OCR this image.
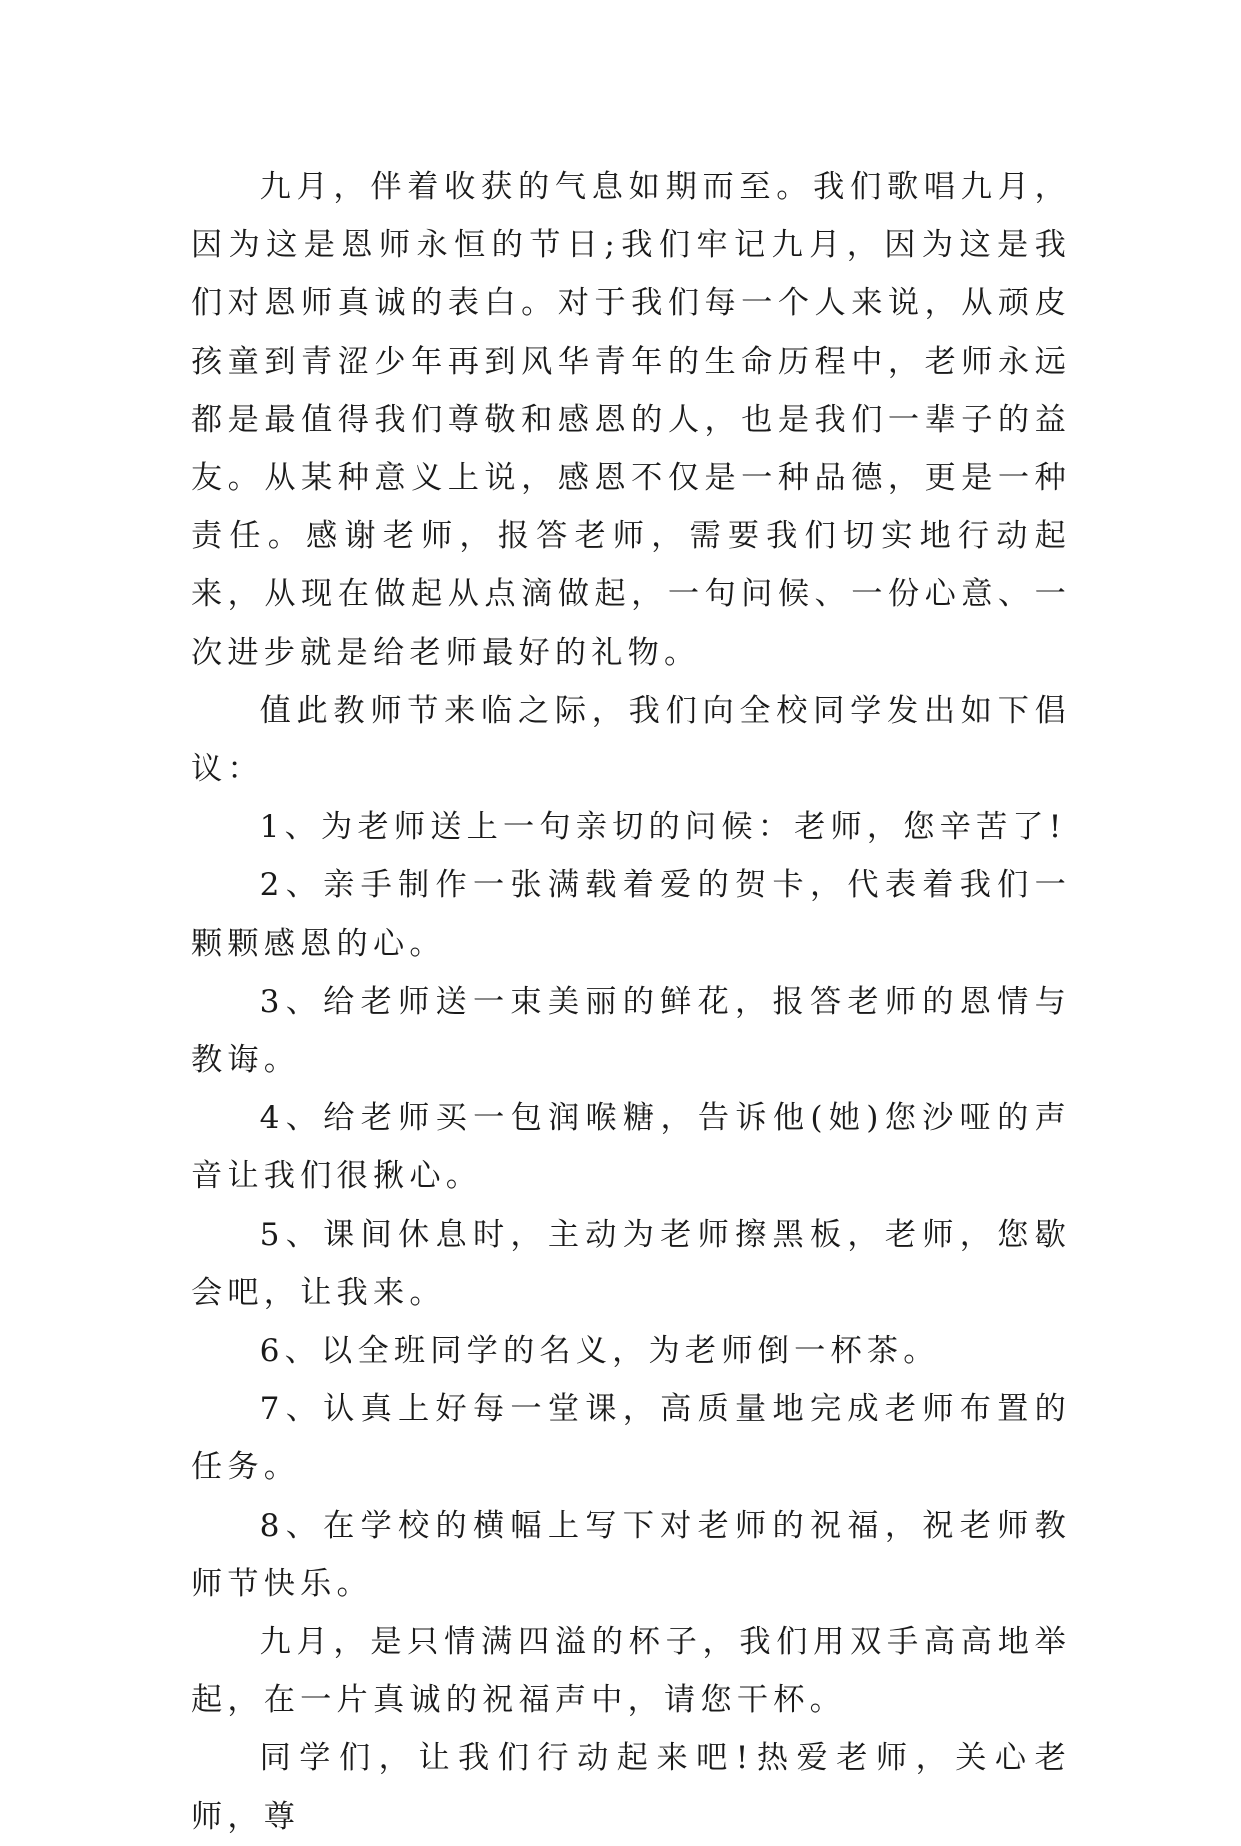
九月，伴着收获的气息如期而至。我们歌唱九月，因为这是恩师永恒的节日;我们牢记九月，因为这是我们对恩师真诚的表白。对于我们每一个人来说，从顽皮孩童到青涩少年再到风华青年的生命历程中，老师永远都是最值得我们尊敬和感恩的人，也是我们一辈子的益友。从某种意义上说，感恩不仅是一种品德，更是一种责任。感谢老师，报答老师，需要我们切实地行动起来，从现在做起从点滴做起，一句问候、一份心意、一次进步就是给老师最好的礼物。

值此教师节来临之际，我们向全校同学发出如下倡议：

1、为老师送上一句亲切的问候：老师，您辛苦了!

2、亲手制作一张满载着爱的贺卡，代表着我们一颗颗感恩的心。

3、给老师送一束美丽的鲜花，报答老师的恩情与教诲。

4、给老师买一包润喉糖，告诉他(她)您沙哑的声音让我们很揪心。

5、课间休息时，主动为老师擦黑板，老师，您歇会吧，让我来。

6、以全班同学的名义，为老师倒一杯茶。

7、认真上好每一堂课，高质量地完成老师布置的任务。

8、在学校的横幅上写下对老师的祝福，祝老师教师节快乐。

九月，是只情满四溢的杯子，我们用双手高高地举起，在一片真诚的祝福声中，请您干杯。

同学们，让我们行动起来吧!热爱老师，关心老师，尊
